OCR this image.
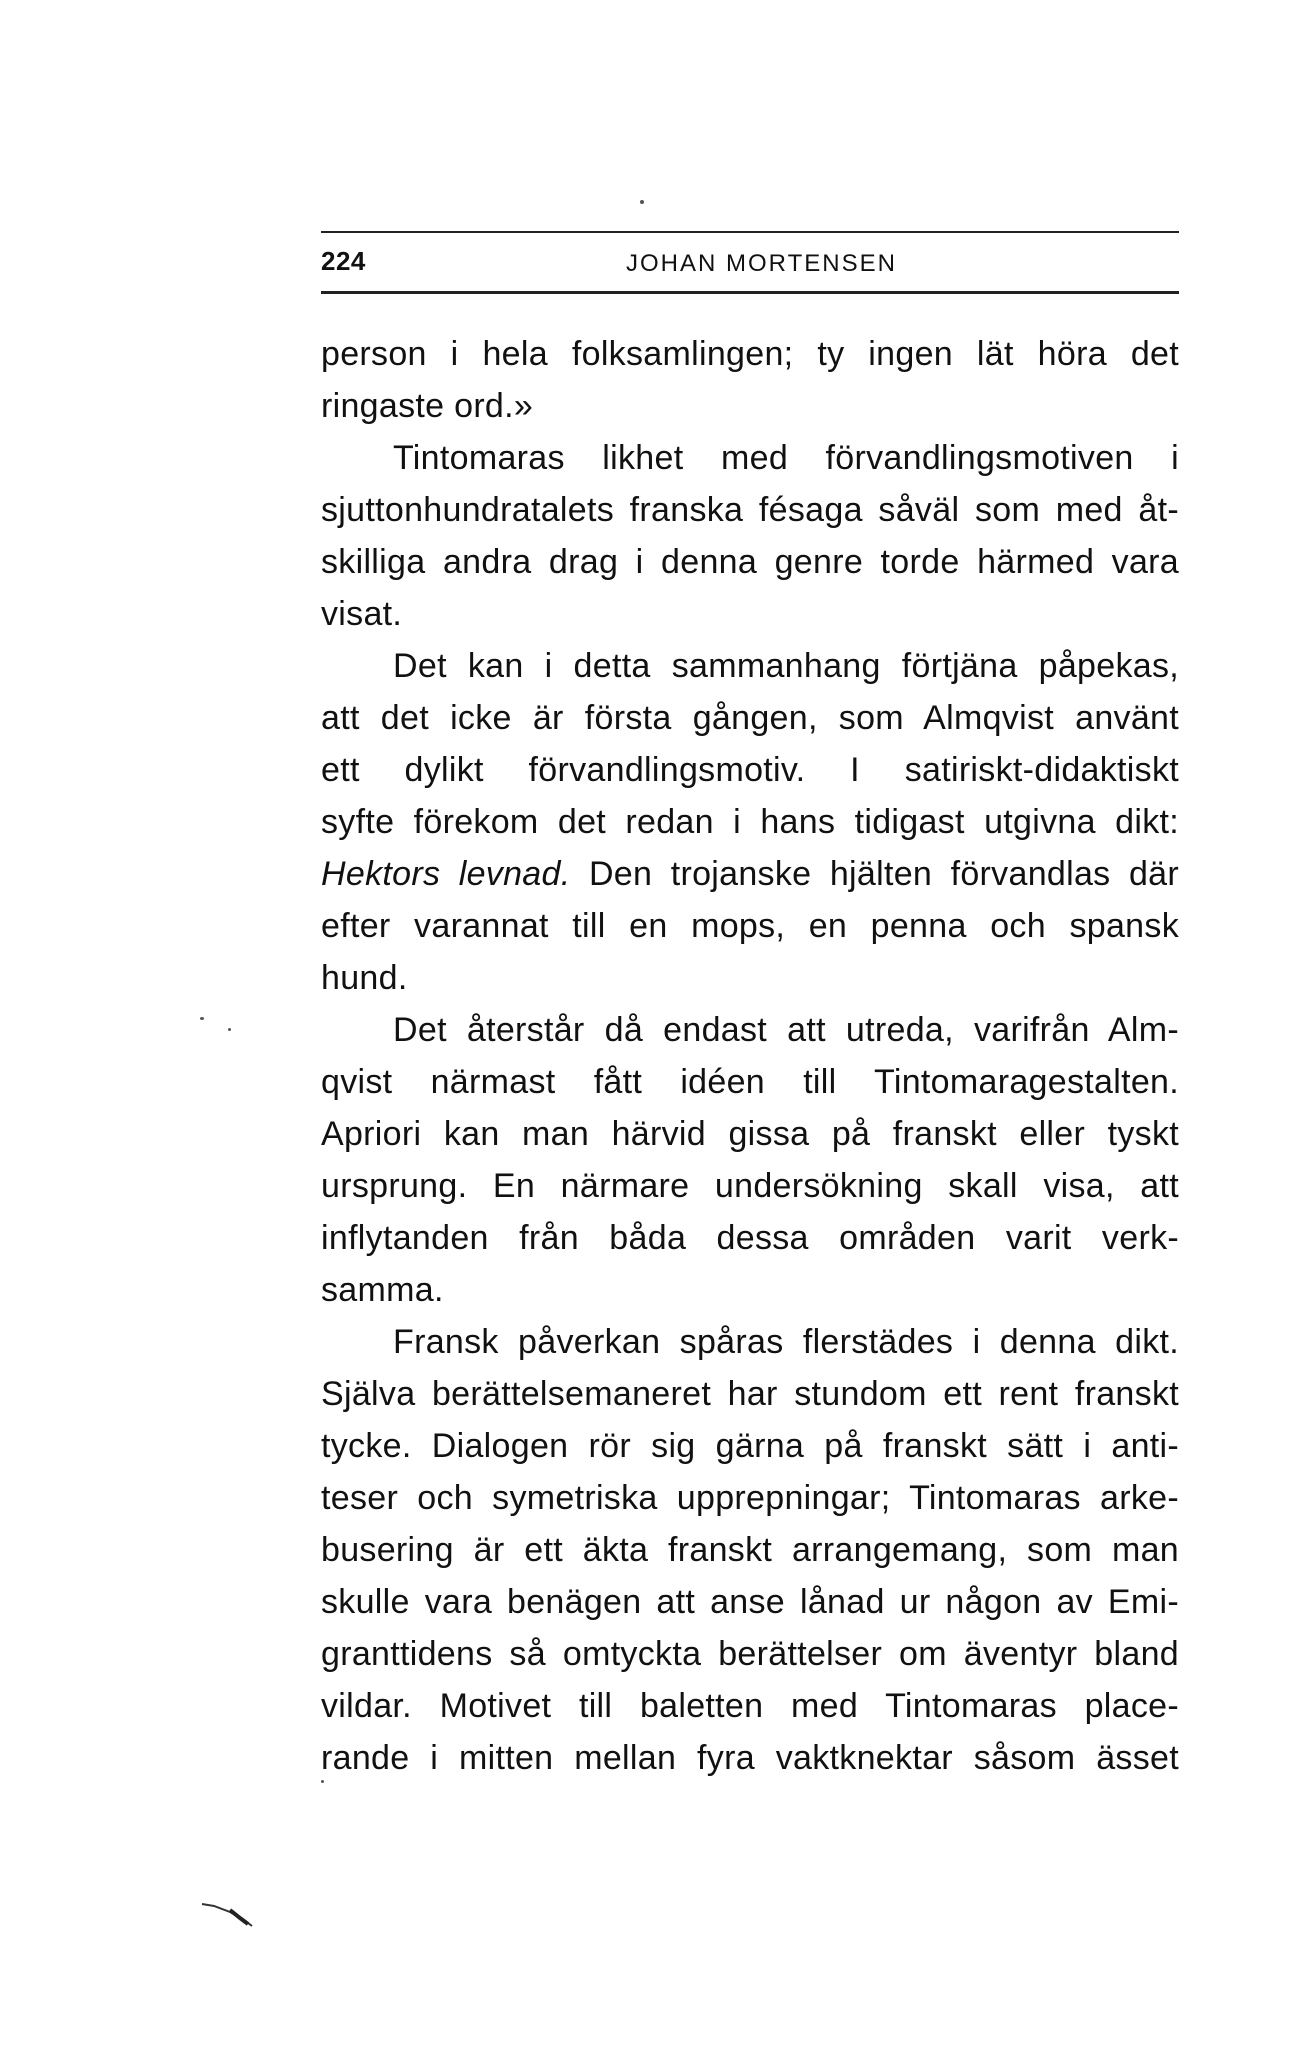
224	JOHAN MORTENSEN

person i hela folksamlingen; ty ingen lät höra det

ringaste ord.»

Tintomaras likhet med förvandlingsmotiven i

sjuttonhundratalets franska fésaga såväl som med åt-

skilliga andra drag i denna genre torde härmed vara

visat.

Det kan i detta sammanhang förtjäna påpekas,

att det icke är första gången, som Almqvist använt

ett dylikt förvandlingsmotiv. I satiriskt-didaktiskt

syfte förekom det redan i hans tidigast utgivna dikt:

Hektors levnad. Den trojanske hjälten förvandlas där

efter varannat till en mops, en penna och spansk

hund.

Det återstår då endast att utreda, varifrån Alm-

qvist närmast fått idéen till Tintomaragestalten.

Apriori kan man härvid gissa på franskt eller tyskt

ursprung. En närmare undersökning skall visa, att

inflytanden från båda dessa områden varit verk-

samma.

Fransk påverkan spåras flerstädes i denna dikt.

Själva berättelsemaneret har stundom ett rent franskt

tycke. Dialogen rör sig gärna på franskt sätt i anti-

teser och symetriska upprepningar; Tintomaras arke-

busering är ett äkta franskt arrangemang, som man

skulle vara benägen att anse lånad ur någon av Emi-

granttidens så omtyckta berättelser om äventyr bland

vildar. Motivet till baletten med Tintomaras place-

rande i mitten mellan fyra vaktknektar såsom ässet
